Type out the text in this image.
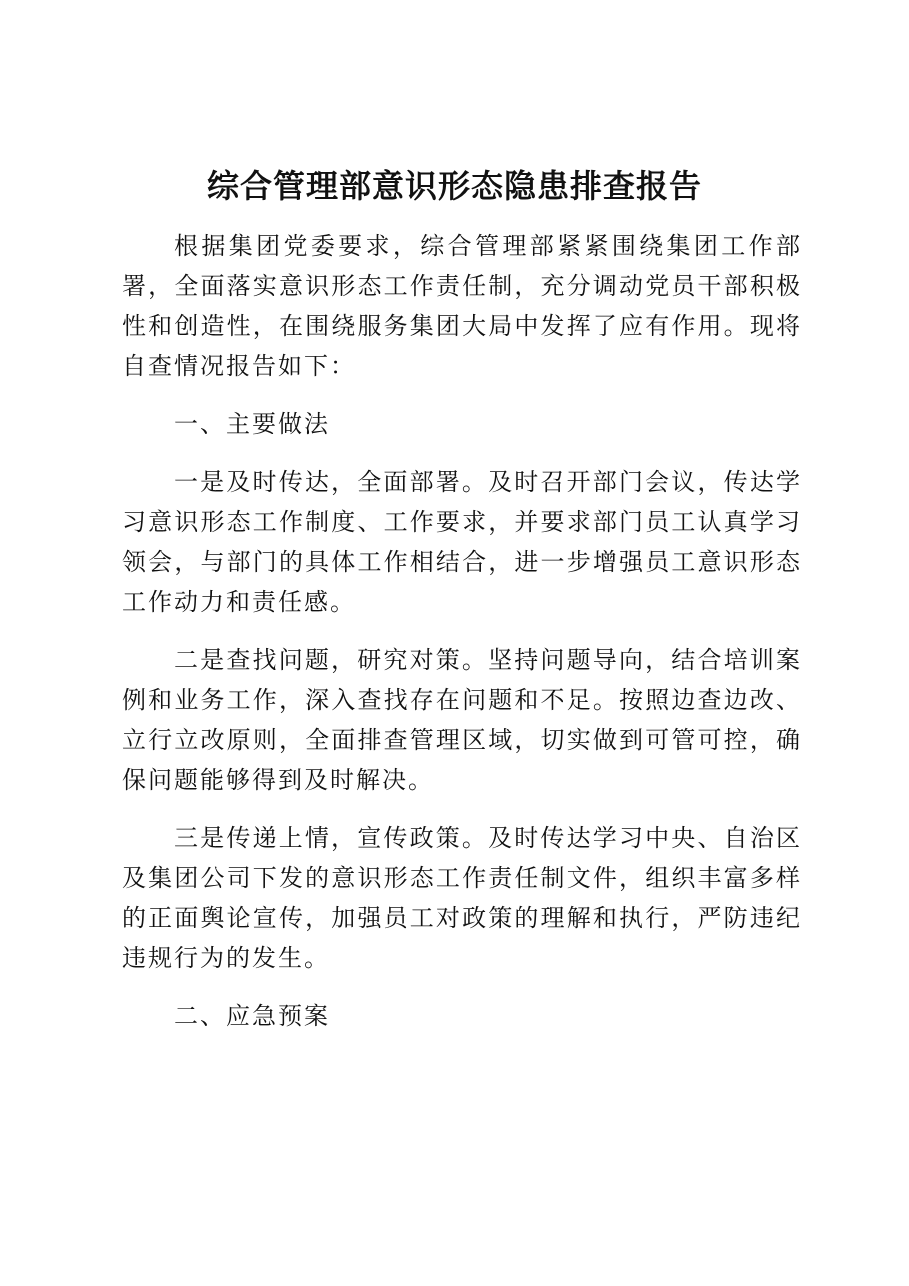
综合管理部意识形态隐患排查报告

根据集团党委要求，综合管理部紧紧围绕集团工作部署，全面落实意识形态工作责任制，充分调动党员干部积极性和创造性，在围绕服务集团大局中发挥了应有作用。现将自查情况报告如下：

一、主要做法

一是及时传达，全面部署。及时召开部门会议，传达学习意识形态工作制度、工作要求，并要求部门员工认真学习领会，与部门的具体工作相结合，进一步增强员工意识形态工作动力和责任感。

二是查找问题，研究对策。坚持问题导向，结合培训案例和业务工作，深入查找存在问题和不足。按照边查边改、立行立改原则，全面排查管理区域，切实做到可管可控，确保问题能够得到及时解决。

三是传递上情，宣传政策。及时传达学习中央、自治区及集团公司下发的意识形态工作责任制文件，组织丰富多样的正面舆论宣传，加强员工对政策的理解和执行，严防违纪违规行为的发生。

二、应急预案
